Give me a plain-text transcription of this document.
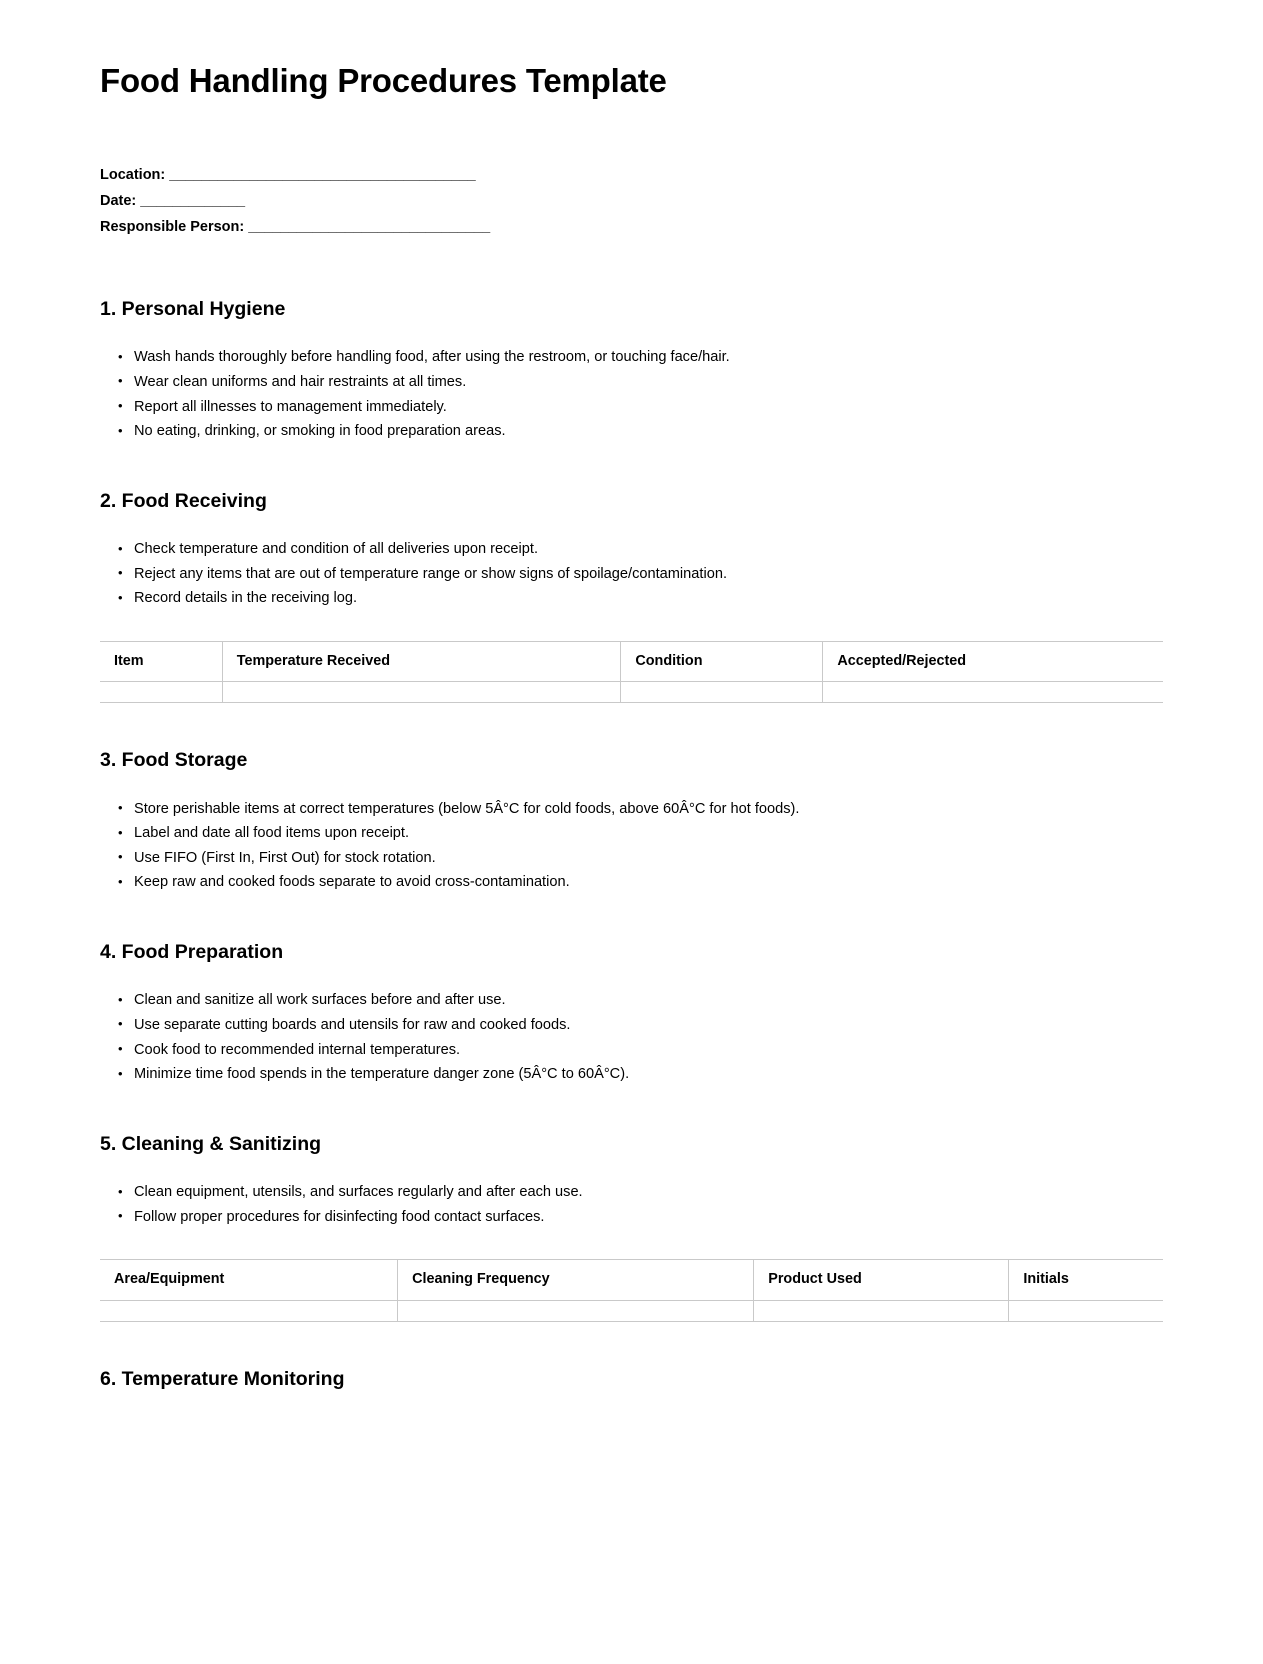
Food Handling Procedures Template
Location: ______________________________________
Date: _____________
Responsible Person: ______________________________
1. Personal Hygiene
• Wash hands thoroughly before handling food, after using the restroom, or touching face/hair.
• Wear clean uniforms and hair restraints at all times.
• Report all illnesses to management immediately.
• No eating, drinking, or smoking in food preparation areas.
2. Food Receiving
• Check temperature and condition of all deliveries upon receipt.
• Reject any items that are out of temperature range or show signs of spoilage/contamination.
• Record details in the receiving log.
Item	Temperature Received	Condition	Accepted/Rejected

3. Food Storage
• Store perishable items at correct temperatures (below 5Â°C for cold foods, above 60Â°C for hot foods).
• Label and date all food items upon receipt.
• Use FIFO (First In, First Out) for stock rotation.
• Keep raw and cooked foods separate to avoid cross-contamination.
4. Food Preparation
• Clean and sanitize all work surfaces before and after use.
• Use separate cutting boards and utensils for raw and cooked foods.
• Cook food to recommended internal temperatures.
• Minimize time food spends in the temperature danger zone (5Â°C to 60Â°C).
5. Cleaning & Sanitizing
• Clean equipment, utensils, and surfaces regularly and after each use.
• Follow proper procedures for disinfecting food contact surfaces.
Area/Equipment	Cleaning Frequency	Product Used	Initials

6. Temperature Monitoring
